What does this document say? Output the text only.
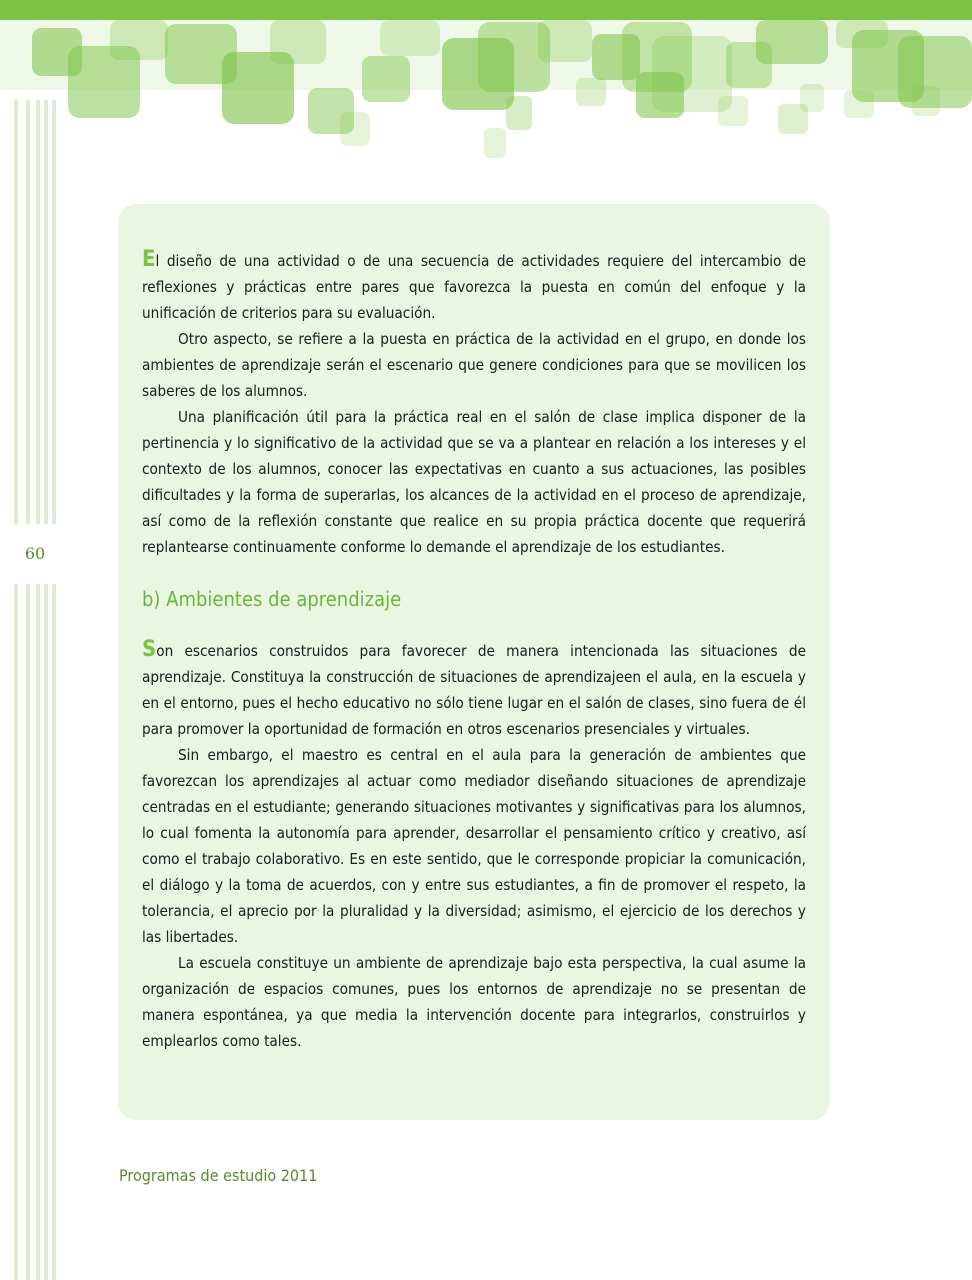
60

El diseño de una actividad o de una secuencia de actividades requiere del intercambio de reflexiones y prácticas entre pares que favorezca la puesta en común del enfoque y la unificación de criterios para su evaluación.

Otro aspecto, se refiere a la puesta en práctica de la actividad en el grupo, en donde los ambientes de aprendizaje serán el escenario que genere condiciones para que se movilicen los saberes de los alumnos.

Una planificación útil para la práctica real en el salón de clase implica disponer de la pertinencia y lo significativo de la actividad que se va a plantear en relación a los intereses y el contexto de los alumnos, conocer las expectativas en cuanto a sus actuaciones, las posibles dificultades y la forma de superarlas, los alcances de la actividad en el proceso de aprendizaje, así como de la reflexión constante que realice en su propia práctica docente que requerirá replantearse continuamente conforme lo demande el aprendizaje de los estudiantes.

b) Ambientes de aprendizaje

Son escenarios construidos para favorecer de manera intencionada las situaciones de aprendizaje. Constituya la construcción de situaciones de aprendizajeen el aula, en la escuela y en el entorno, pues el hecho educativo no sólo tiene lugar en el salón de clases, sino fuera de él para promover la oportunidad de formación en otros escenarios presenciales y virtuales.

Sin embargo, el maestro es central en el aula para la generación de ambientes que favorezcan los aprendizajes al actuar como mediador diseñando situaciones de aprendizaje centradas en el estudiante; generando situaciones motivantes y significativas para los alumnos, lo cual fomenta la autonomía para aprender, desarrollar el pensamiento crítico y creativo, así como el trabajo colaborativo. Es en este sentido, que le corresponde propiciar la comunicación, el diálogo y la toma de acuerdos, con y entre sus estudiantes, a fin de promover el respeto, la tolerancia, el aprecio por la pluralidad y la diversidad; asimismo, el ejercicio de los derechos y las libertades.

La escuela constituye un ambiente de aprendizaje bajo esta perspectiva, la cual asume la organización de espacios comunes, pues los entornos de aprendizaje no se presentan de manera espontánea, ya que media la intervención docente para integrarlos, construirlos y emplearlos como tales.

Programas de estudio 2011
